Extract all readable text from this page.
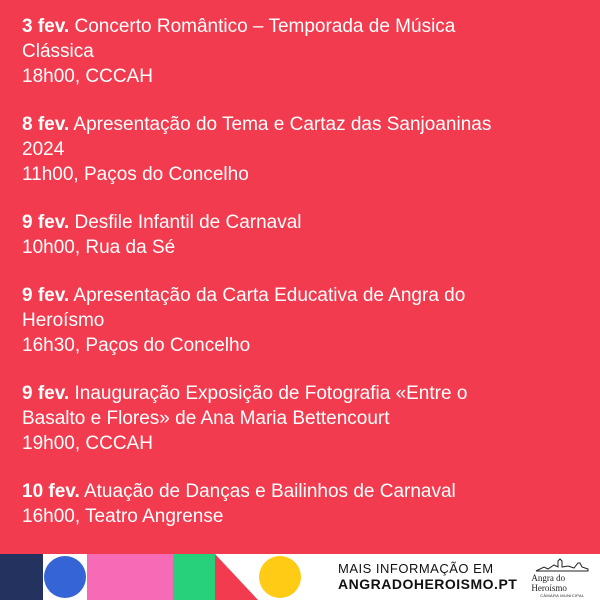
3 fev. Concerto Romântico – Temporada de Música

Clássica

18h00, CCCAH

8 fev. Apresentação do Tema e Cartaz das Sanjoaninas

2024

11h00, Paços do Concelho

9 fev. Desfile Infantil de Carnaval

10h00, Rua da Sé

9 fev. Apresentação da Carta Educativa de Angra do

Heroísmo

16h30, Paços do Concelho

9 fev. Inauguração Exposição de Fotografia «Entre o

Basalto e Flores» de Ana Maria Bettencourt

19h00, CCCAH

10 fev. Atuação de Danças e Bailinhos de Carnaval

16h00, Teatro Angrense

MAIS INFORMAÇÃO EM
ANGRADOHEROISMO.PT Angra do Heroísmo
CÂMARA MUNICIPAL
